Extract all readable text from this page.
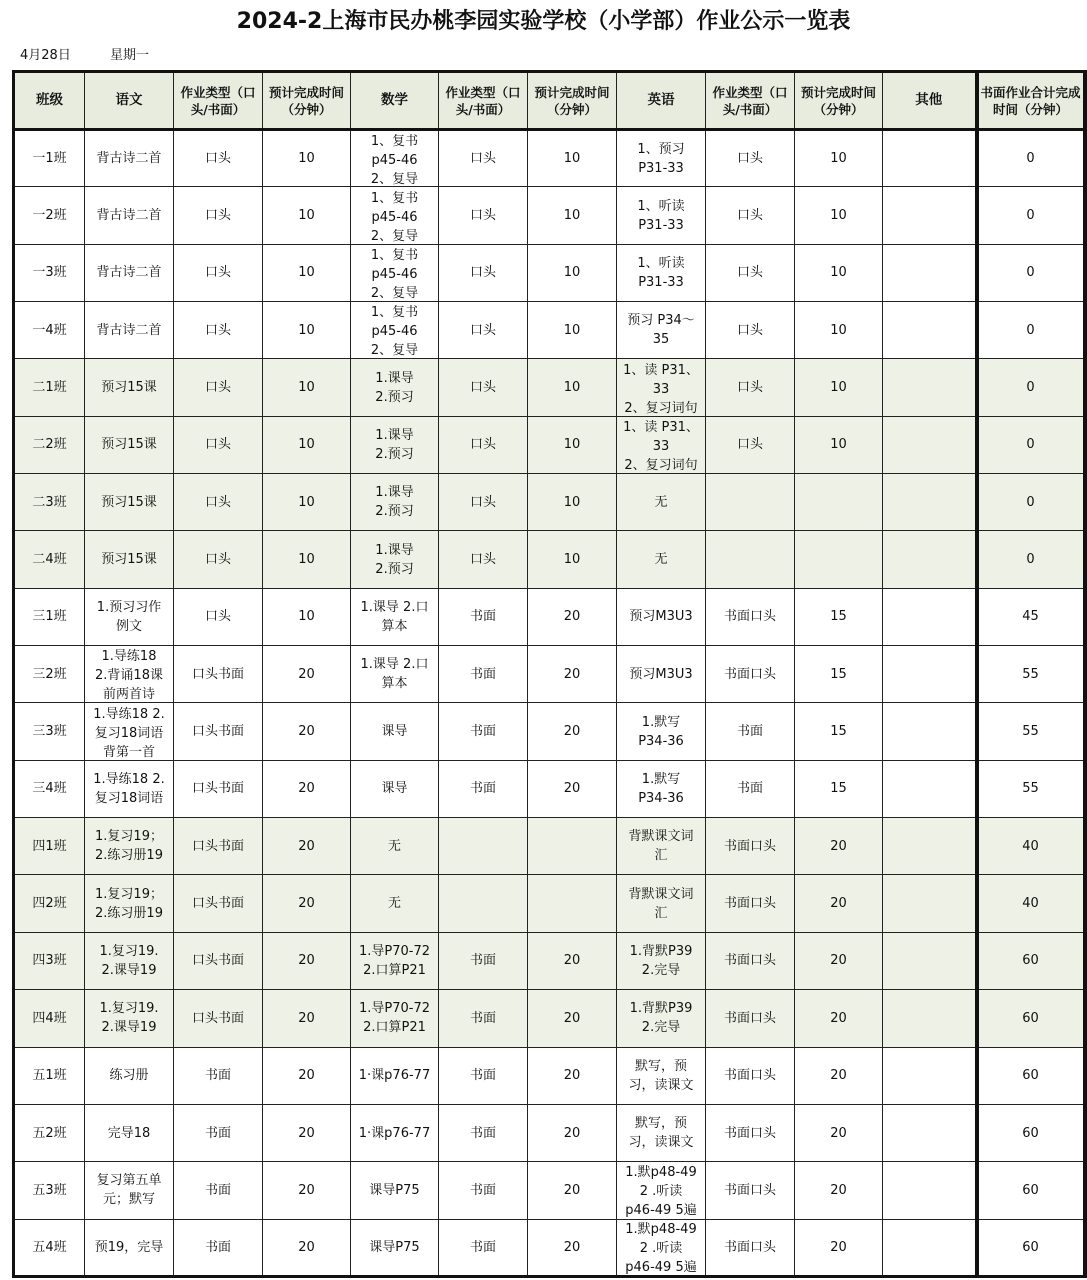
2024-2上海市民办桃李园实验学校（小学部）作业公示一览表
4月28日	星期一
班级	语文	作业类型（口头/书面）	预计完成时间（分钟）	数学	作业类型（口头/书面）	预计完成时间（分钟）	英语	作业类型（口头/书面）	预计完成时间（分钟）	其他	书面作业合计完成时间（分钟）

一1班	背古诗二首	口头	10	1、复书
p45-46
2、复导	口头	10	1、预习
P31-33	口头	10		0

一2班	背古诗二首	口头	10	1、复书
p45-46
2、复导	口头	10	1、听读
P31-33	口头	10		0

一3班	背古诗二首	口头	10	1、复书
p45-46
2、复导	口头	10	1、听读
P31-33	口头	10		0

一4班	背古诗二首	口头	10	1、复书
p45-46
2、复导	口头	10	预习 P34～
35	口头	10		0

二1班	预习15课	口头	10	1.课导
2.预习	口头	10	1、读 P31、
33
2、复习词句	口头	10		0

二2班	预习15课	口头	10	1.课导
2.预习	口头	10	1、读 P31、
33
2、复习词句	口头	10		0

二3班	预习15课	口头	10	1.课导
2.预习	口头	10	无				0

二4班	预习15课	口头	10	1.课导
2.预习	口头	10	无				0

三1班	1.预习习作
例文	口头	10	1.课导 2.口
算本	书面	20	预习M3U3	书面口头	15		45

三2班	1.导练18
2.背诵18课
前两首诗	口头书面	20	1.课导 2.口
算本	书面	20	预习M3U3	书面口头	15		55

三3班	1.导练18 2.
复习18词语
背第一首	口头书面	20	课导	书面	20	1.默写
P34-36	书面	15		55

三4班	1.导练18 2.
复习18词语	口头书面	20	课导	书面	20	1.默写
P34-36	书面	15		55

四1班	1.复习19；
2.练习册19	口头书面	20	无			背默课文词
汇	书面口头	20		40

四2班	1.复习19；
2.练习册19	口头书面	20	无			背默课文词
汇	书面口头	20		40

四3班	1.复习19.
2.课导19	口头书面	20	1.导P70-72
2.口算P21	书面	20	1.背默P39
2.完导	书面口头	20		60

四4班	1.复习19.
2.课导19	口头书面	20	1.导P70-72
2.口算P21	书面	20	1.背默P39
2.完导	书面口头	20		60

五1班	练习册	书面	20	1·课p76-77	书面	20	默写，预
习，读课文	书面口头	20		60

五2班	完导18	书面	20	1·课p76-77	书面	20	默写，预
习，读课文	书面口头	20		60

五3班	复习第五单
元；默写	书面	20	课导P75	书面	20	1.默p48-49
2 .听读
p46-49 5遍	书面口头	20		60

五4班	预19，完导	书面	20	课导P75	书面	20	1.默p48-49
2 .听读
p46-49 5遍	书面口头	20		60
